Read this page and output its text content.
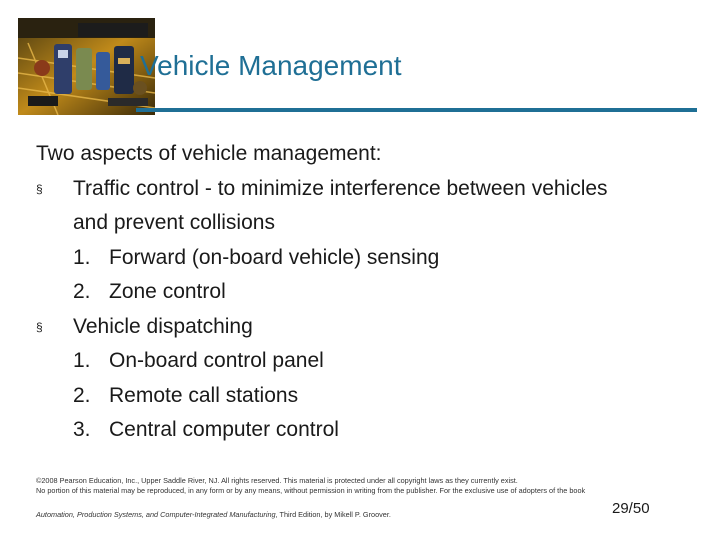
Vehicle Management
Two aspects of vehicle management:
§ Traffic control - to minimize interference between vehicles
and prevent collisions
1. Forward (on-board vehicle) sensing
2. Zone control
§ Vehicle dispatching
1. On-board control panel
2. Remote call stations
3. Central computer control
©2008 Pearson Education, Inc., Upper Saddle River, NJ. All rights reserved. This material is protected under all copyright laws as they currently exist.
No portion of this material may be reproduced, in any form or by any means, without permission in writing from the publisher. For the exclusive use of adopters of the book
Automation, Production Systems, and Computer-Integrated Manufacturing, Third Edition, by Mikell P. Groover.	29/50
